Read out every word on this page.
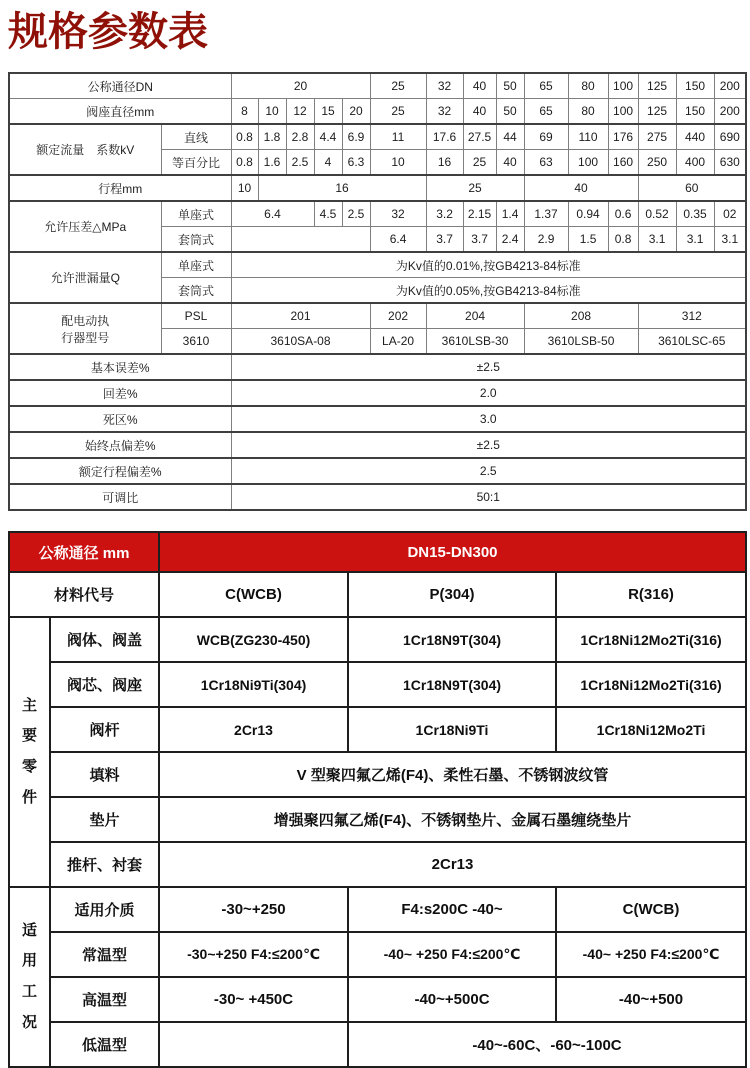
规格参数表
公称通径DN		20					25	32	40	50	65	80	100	125	150	200
阀座直径mm		8	10	12	15	20	25	32	40	50	65	80	100	125	150	200
额定流量　系数kV	直线	0.8	1.8	2.8	4.4	6.9	11	17.6	27.5	44	69	110	176	275	440	690
	等百分比	0.8	1.6	2.5	4	6.3	10	16	25	40	63	100	160	250	400	630
行程mm		10	16					25			40			60		
允许压差△MPa	单座式	6.4			4.5	2.5	32	3.2	2.15	1.4	1.37	0.94	0.6	0.52	0.35	02
	套筒式						6.4	3.7	3.7	2.4	2.9	1.5	0.8	3.1	3.1	3.1
允许泄漏量Q	单座式	为Kv值的0.01%,按GB4213-84标准														
	套筒式	为Kv值的0.05%,按GB4213-84标准														

配电动执
行器型号	PSL	201					202	204			208			312		
	3610	3610SA-08					LA-20	3610LSB-30			3610LSB-50			3610LSC-65		
基本误差%		±2.5														
回差%		2.0														
死区%		3.0														
始终点偏差%		±2.5														
额定行程偏差%		2.5														
可调比		50:1														
公称通径 mm		DN15-DN300		
材料代号		C(WCB)	P(304)	R(316)

主要零件	阀体、阀盖	WCB(ZG230-450)	1Cr18N9T(304)	1Cr18Ni12Mo2Ti(316)
	阀芯、阀座	1Cr18Ni9Ti(304)	1Cr18N9T(304)	1Cr18Ni12Mo2Ti(316)
	阀杆	2Cr13	1Cr18Ni9Ti	1Cr18Ni12Mo2Ti
	填料	V 型聚四氟乙烯(F4)、柔性石墨、不锈钢波纹管		
	垫片	增强聚四氟乙烯(F4)、不锈钢垫片、金属石墨缠绕垫片		
	推杆、衬套	2Cr13		

适用工况	适用介质	-30~+250	F4:s200C -40~	C(WCB)
	常温型	-30~+250 F4:≤200℃	-40~ +250 F4:≤200℃	-40~ +250 F4:≤200℃
	高温型	-30~ +450C	-40~+500C	-40~+500
	低温型		-40~-60C、-60~-100C	
